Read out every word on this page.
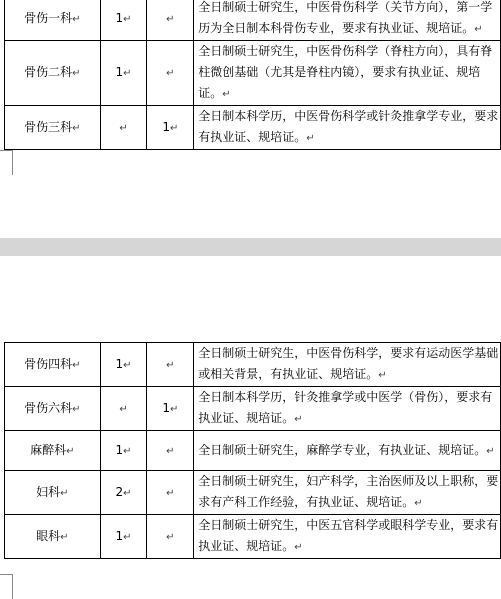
骨伤一科↵	1↵	↵	全日制硕士研究生，中医骨伤科学（关节方向），第一学历为全日制本科骨伤专业，要求有执业证、规培证。↵
骨伤二科↵	1↵	↵	全日制硕士研究生，中医骨伤科学（脊柱方向），具有脊柱微创基础（尤其是脊柱内镜），要求有执业证、规培证。↵
骨伤三科↵	↵	1↵	全日制本科学历，中医骨伤科学或针灸推拿学专业，要求有执业证、规培证。↵
骨伤四科↵	1↵	↵	全日制硕士研究生，中医骨伤科学，要求有运动医学基础或相关背景，有执业证、规培证。↵
骨伤六科↵	↵	1↵	全日制本科学历，针灸推拿学或中医学（骨伤），要求有执业证、规培证。↵
麻醉科↵	1↵	↵	全日制硕士研究生，麻醉学专业，有执业证、规培证。↵
妇科↵	2↵	↵	全日制硕士研究生，妇产科学，主治医师及以上职称，要求有产科工作经验，有执业证、规培证。↵
眼科↵	1↵	↵	全日制硕士研究生，中医五官科学或眼科学专业，要求有执业证、规培证。↵
